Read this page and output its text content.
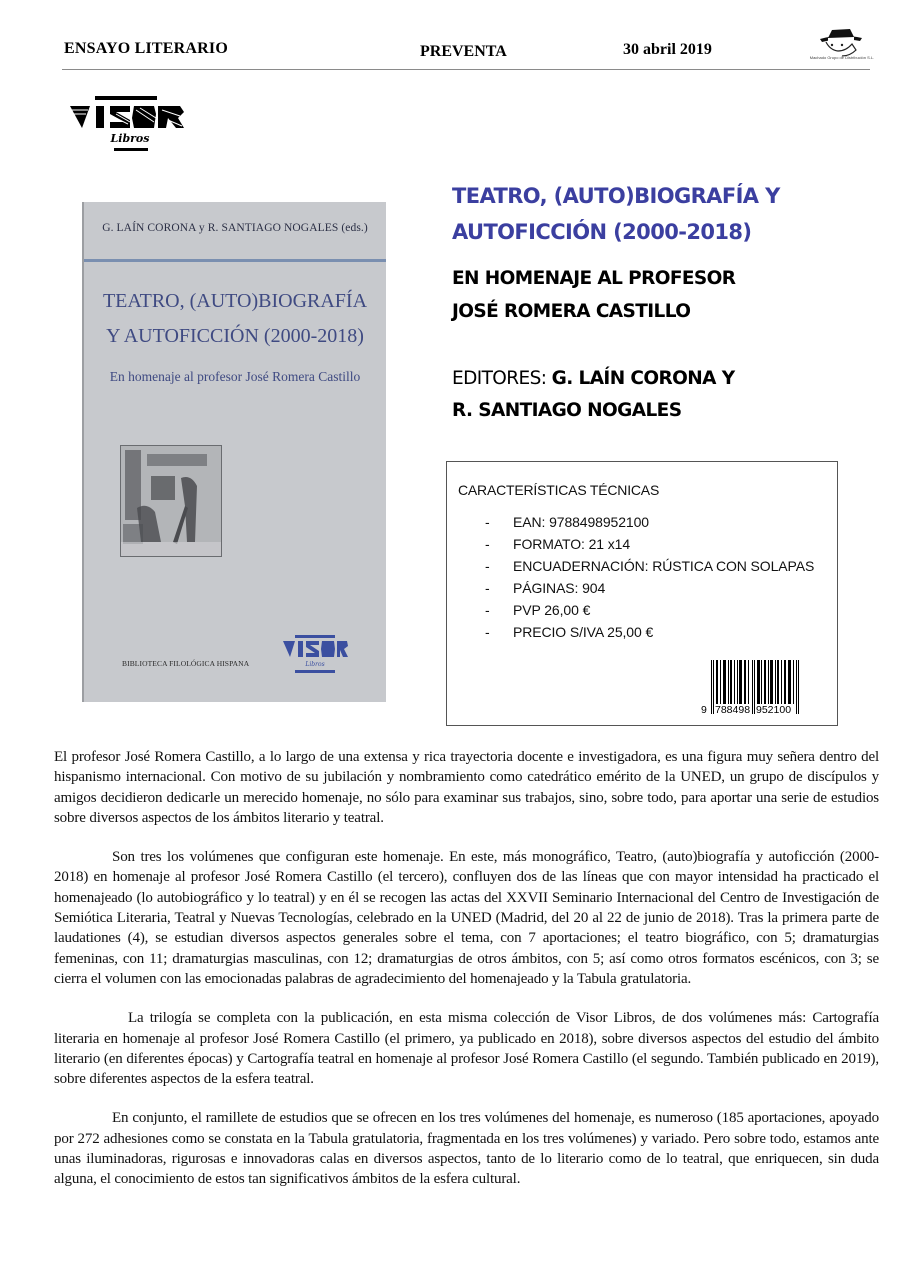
ENSAYO LITERARIO	PREVENTA	30 abril 2019	Machado Grupo de Distribución S.L.
Libros
G. LAÍN CORONA y R. SANTIAGO NOGALES (eds.)
TEATRO, (AUTO)BIOGRAFÍA
Y AUTOFICCIÓN (2000-2018)
En homenaje al profesor José Romera Castillo
BIBLIOTECA FILOLÓGICA HISPANA	Libros
TEATRO, (AUTO)BIOGRAFÍA Y
AUTOFICCIÓN (2000-2018)
EN HOMENAJE AL PROFESOR
JOSÉ ROMERA CASTILLO
EDITORES: G. LAÍN CORONA Y
R. SANTIAGO NOGALES
CARACTERÍSTICAS TÉCNICAS
- EAN: 9788498952100
- FORMATO: 21 x14
- ENCUADERNACIÓN: RÚSTICA CON SOLAPAS
- PÁGINAS: 904
- PVP 26,00 €
- PRECIO S/IVA 25,00 €
9 788498 952100

El profesor José Romera Castillo, a lo largo de una extensa y rica trayectoria docente e investigadora, es una figura muy señera dentro del hispanismo internacional. Con motivo de su jubilación y nombramiento como catedrático emérito de la UNED, un grupo de discípulos y amigos decidieron dedicarle un merecido homenaje, no sólo para examinar sus trabajos, sino, sobre todo, para aportar una serie de estudios sobre diversos aspectos de los ámbitos literario y teatral.

Son tres los volúmenes que configuran este homenaje. En este, más monográfico, Teatro, (auto)biografía y autoficción (2000-2018) en homenaje al profesor José Romera Castillo (el tercero), confluyen dos de las líneas que con mayor intensidad ha practicado el homenajeado (lo autobiográfico y lo teatral) y en él se recogen las actas del XXVII Seminario Internacional del Centro de Investigación de Semiótica Literaria, Teatral y Nuevas Tecnologías, celebrado en la UNED (Madrid, del 20 al 22 de junio de 2018). Tras la primera parte de laudationes (4), se estudian diversos aspectos generales sobre el tema, con 7 aportaciones; el teatro biográfico, con 5; dramaturgias femeninas, con 11; dramaturgias masculinas, con 12; dramaturgias de otros ámbitos, con 5; así como otros formatos escénicos, con 3; se cierra el volumen con las emocionadas palabras de agradecimiento del homenajeado y la Tabula gratulatoria.

La trilogía se completa con la publicación, en esta misma colección de Visor Libros, de dos volúmenes más: Cartografía literaria en homenaje al profesor José Romera Castillo (el primero, ya publicado en 2018), sobre diversos aspectos del estudio del ámbito literario (en diferentes épocas) y Cartografía teatral en homenaje al profesor José Romera Castillo (el segundo. También publicado en 2019), sobre diferentes aspectos de la esfera teatral.

En conjunto, el ramillete de estudios que se ofrecen en los tres volúmenes del homenaje, es numeroso (185 aportaciones, apoyado por 272 adhesiones como se constata en la Tabula gratulatoria, fragmentada en los tres volúmenes) y variado. Pero sobre todo, estamos ante unas iluminadoras, rigurosas e innovadoras calas en diversos aspectos, tanto de lo literario como de lo teatral, que enriquecen, sin duda alguna, el conocimiento de estos tan significativos ámbitos de la esfera cultural.
